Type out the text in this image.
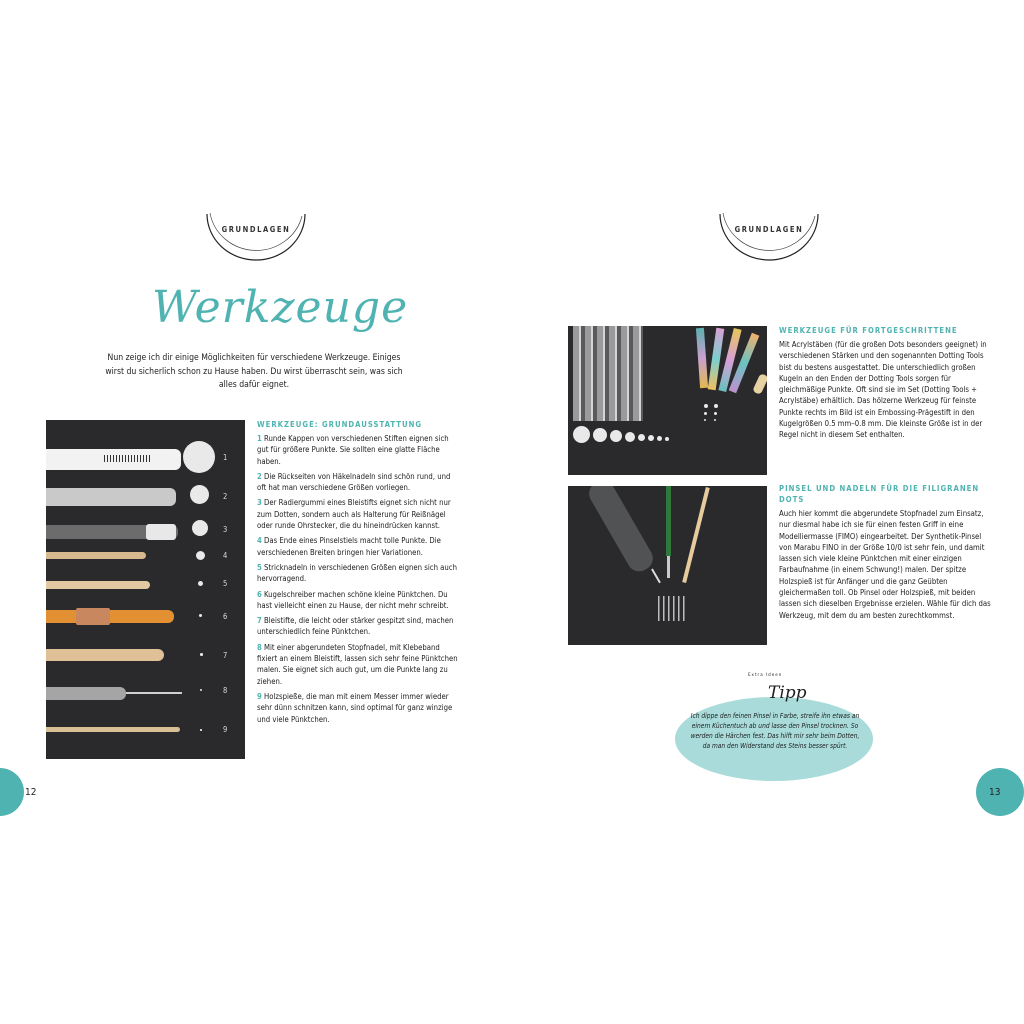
GRUNDLAGEN
Werkzeuge
Nun zeige ich dir einige Möglichkeiten für verschiedene Werkzeuge. Einiges wirst du sicherlich schon zu Hause haben. Du wirst überrascht sein, was sich alles dafür eignet.
1
2
3
4
5
6
7
8
9
WERKZEUGE: GRUNDAUSSTATTUNG

1 Runde Kappen von verschiedenen Stiften eignen sich gut für größere Punkte. Sie sollten eine glatte Fläche haben.

2 Die Rückseiten von Häkelnadeln sind schön rund, und oft hat man verschiedene Größen vorliegen.

3 Der Radiergummi eines Bleistifts eignet sich nicht nur zum Dotten, sondern auch als Halterung für Reißnägel oder runde Ohrstecker, die du hineindrücken kannst.

4 Das Ende eines Pinselstiels macht tolle Punkte. Die verschiedenen Breiten bringen hier Variationen.

5 Stricknadeln in verschiedenen Größen eignen sich auch hervorragend.

6 Kugelschreiber machen schöne kleine Pünktchen. Du hast vielleicht einen zu Hause, der nicht mehr schreibt.

7 Bleistifte, die leicht oder stärker gespitzt sind, machen unterschiedlich feine Pünktchen.

8 Mit einer abgerundeten Stopfnadel, mit Klebeband fixiert an einem Bleistift, lassen sich sehr feine Pünktchen malen. Sie eignet sich auch gut, um die Punkte lang zu ziehen.

9 Holzspieße, die man mit einem Messer immer wieder sehr dünn schnitzen kann, sind optimal für ganz winzige und viele Pünktchen.

12
GRUNDLAGEN
WERKZEUGE FÜR FORTGESCHRITTENE

Mit Acrylstäben (für die großen Dots besonders geeignet) in verschiedenen Stärken und den sogenannten Dotting Tools bist du bestens ausgestattet. Die unterschiedlich großen Kugeln an den Enden der Dotting Tools sorgen für gleichmäßige Punkte. Oft sind sie im Set (Dotting Tools + Acrylstäbe) erhältlich. Das hölzerne Werkzeug für feinste Punkte rechts im Bild ist ein Embossing-Prägestift in den Kugelgrößen 0.5 mm–0.8 mm. Die kleinste Größe ist in der Regel nicht in diesem Set enthalten.

PINSEL UND NADELN FÜR DIE FILIGRANEN DOTS

Auch hier kommt die abgerundete Stopfnadel zum Einsatz, nur diesmal habe ich sie für einen festen Griff in eine Modelliermasse (FIMO) eingearbeitet. Der Synthetik-Pinsel von Marabu FINO in der Größe 10/0 ist sehr fein, und damit lassen sich viele kleine Pünktchen mit einer einzigen Farbaufnahme (in einem Schwung!) malen. Der spitze Holzspieß ist für Anfänger und die ganz Geübten gleichermaßen toll. Ob Pinsel oder Holzspieß, mit beiden lassen sich dieselben Ergebnisse erzielen. Wähle für dich das Werkzeug, mit dem du am besten zurechtkommst.

Extra Ideen
Tipp
Ich dippe den feinen Pinsel in Farbe, streife ihn etwas an einem Küchentuch ab und lasse den Pinsel trocknen. So werden die Härchen fest. Das hilft mir sehr beim Dotten, da man den Widerstand des Steins besser spürt.
13
